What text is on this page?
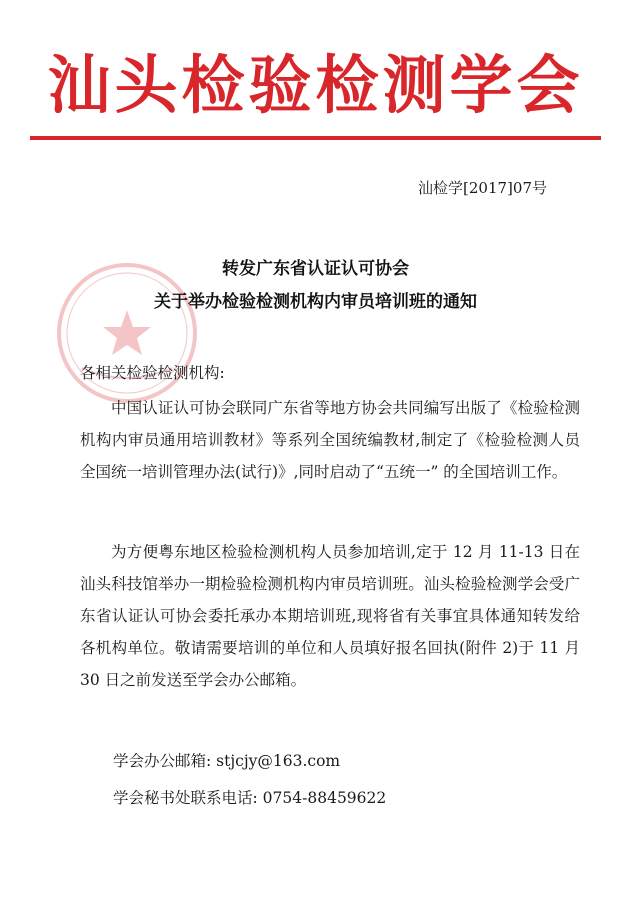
汕头检验检测学会
汕检学[2017]07号
转发广东省认证认可协会
关于举办检验检测机构内审员培训班的通知
各相关检验检测机构:
中国认证认可协会联同广东省等地方协会共同编写出版了《检验检测机构内审员通用培训教材》等系列全国统编教材,制定了《检验检测人员全国统一培训管理办法(试行)》,同时启动了“五统一” 的全国培训工作。
为方便粤东地区检验检测机构人员参加培训,定于 12 月 11-13 日在汕头科技馆举办一期检验检测机构内审员培训班。汕头检验检测学会受广东省认证认可协会委托承办本期培训班,现将省有关事宜具体通知转发给各机构单位。敬请需要培训的单位和人员填好报名回执(附件 2)于 11 月 30 日之前发送至学会办公邮箱。
学会办公邮箱: stjcjy@163.com
学会秘书处联系电话: 0754-88459622
